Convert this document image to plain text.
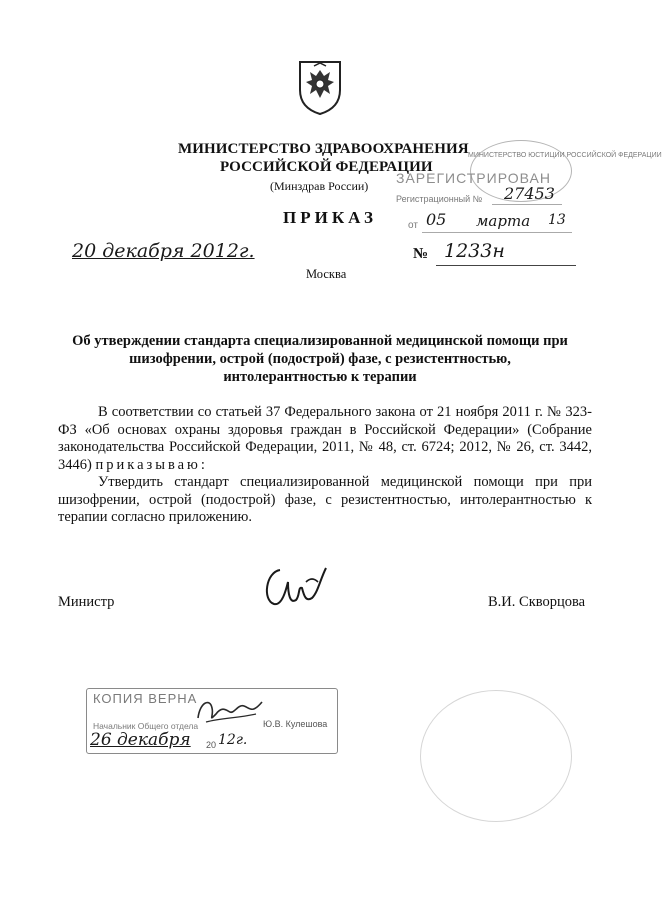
МИНИСТЕРСТВО ЗДРАВООХРАНЕНИЯ
РОССИЙСКОЙ ФЕДЕРАЦИИ
(Минздрав России)
ПРИКАЗ
МИНИСТЕРСТВО ЮСТИЦИИ РОССИЙСКОЙ ФЕДЕРАЦИИ
ЗАРЕГИСТРИРОВАН
Регистрационный № 27453
от 05 марта 13
20 декабря 2012г.	№ 1233н
Москва
Об утверждении стандарта специализированной медицинской помощи при
шизофрении, острой (подострой) фазе, с резистентностью,
интолерантностью к терапии

В соответствии со статьей 37 Федерального закона от 21 ноября 2011 г. № 323-ФЗ «Об основах охраны здоровья граждан в Российской Федерации» (Собрание законодательства Российской Федерации, 2011, № 48, ст. 6724; 2012, № 26, ст. 3442, 3446) приказываю:

Утвердить стандарт специализированной медицинской помощи при при шизофрении, острой (подострой) фазе, с резистентностью, интолерантностью к терапии согласно приложению.

Министр	В.И. Скворцова
КОПИЯ ВЕРНА
Начальник Общего отдела	Ю.В. Кулешова
26 декабря 20 12г.
